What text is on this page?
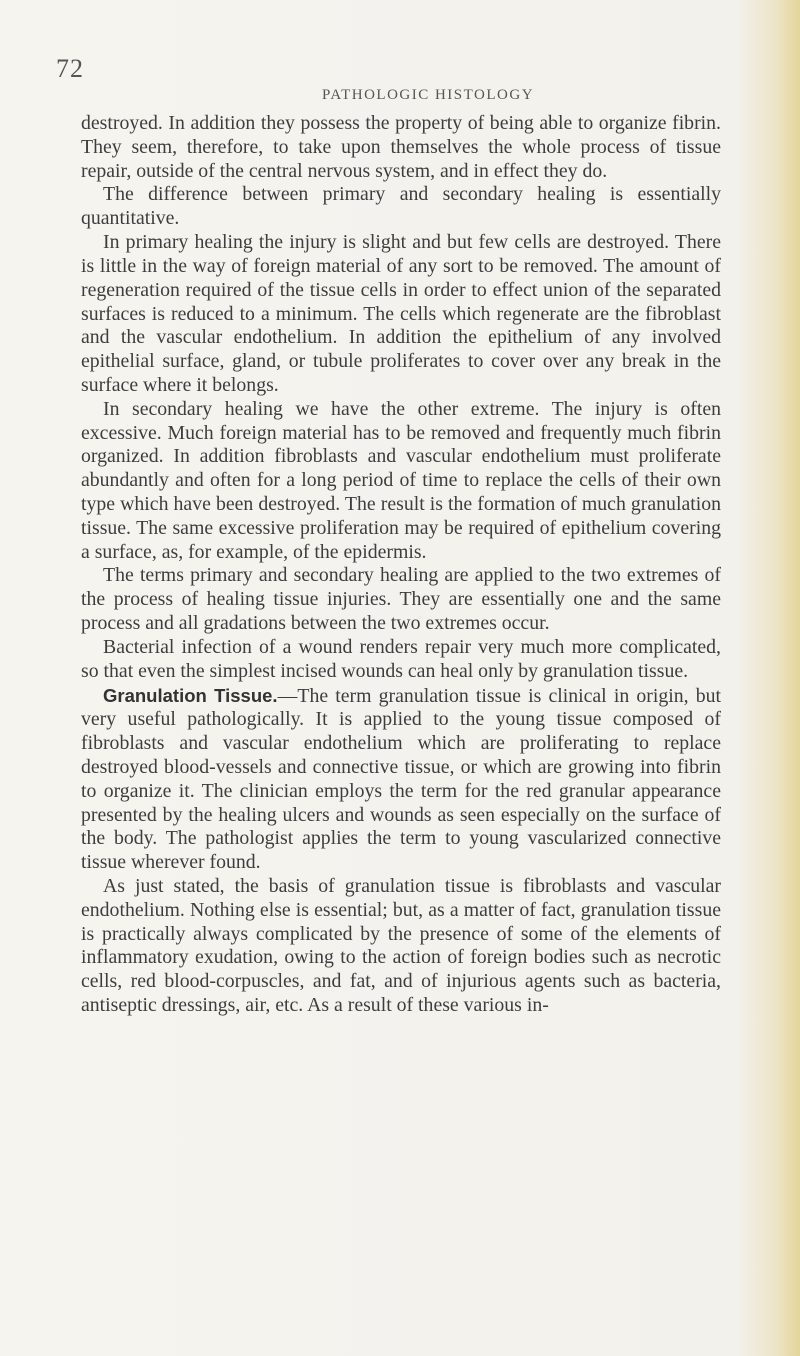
72
PATHOLOGIC HISTOLOGY

destroyed. In addition they possess the property of being able to organize fibrin. They seem, therefore, to take upon themselves the whole process of tissue repair, outside of the central nervous system, and in effect they do.

The difference between primary and secondary healing is essentially quantitative.

In primary healing the injury is slight and but few cells are destroyed. There is little in the way of foreign material of any sort to be removed. The amount of regeneration required of the tissue cells in order to effect union of the separated surfaces is reduced to a minimum. The cells which regenerate are the fibroblast and the vascular endothelium. In addition the epithelium of any involved epithelial surface, gland, or tubule proliferates to cover over any break in the surface where it belongs.

In secondary healing we have the other extreme. The injury is often excessive. Much foreign material has to be removed and frequently much fibrin organized. In addition fibroblasts and vascular endothelium must proliferate abundantly and often for a long period of time to replace the cells of their own type which have been destroyed. The result is the formation of much granulation tissue. The same excessive proliferation may be required of epithelium covering a surface, as, for example, of the epidermis.

The terms primary and secondary healing are applied to the two extremes of the process of healing tissue injuries. They are essentially one and the same process and all gradations between the two extremes occur.

Bacterial infection of a wound renders repair very much more complicated, so that even the simplest incised wounds can heal only by granulation tissue.

Granulation Tissue.—The term granulation tissue is clinical in origin, but very useful pathologically. It is applied to the young tissue composed of fibroblasts and vascular endothelium which are proliferating to replace destroyed blood-vessels and connective tissue, or which are growing into fibrin to organize it. The clinician employs the term for the red granular appearance presented by the healing ulcers and wounds as seen especially on the surface of the body. The pathologist applies the term to young vascularized connective tissue wherever found.

As just stated, the basis of granulation tissue is fibroblasts and vascular endothelium. Nothing else is essential; but, as a matter of fact, granulation tissue is practically always complicated by the presence of some of the elements of inflammatory exudation, owing to the action of foreign bodies such as necrotic cells, red blood-corpuscles, and fat, and of injurious agents such as bacteria, antiseptic dressings, air, etc. As a result of these various in-
